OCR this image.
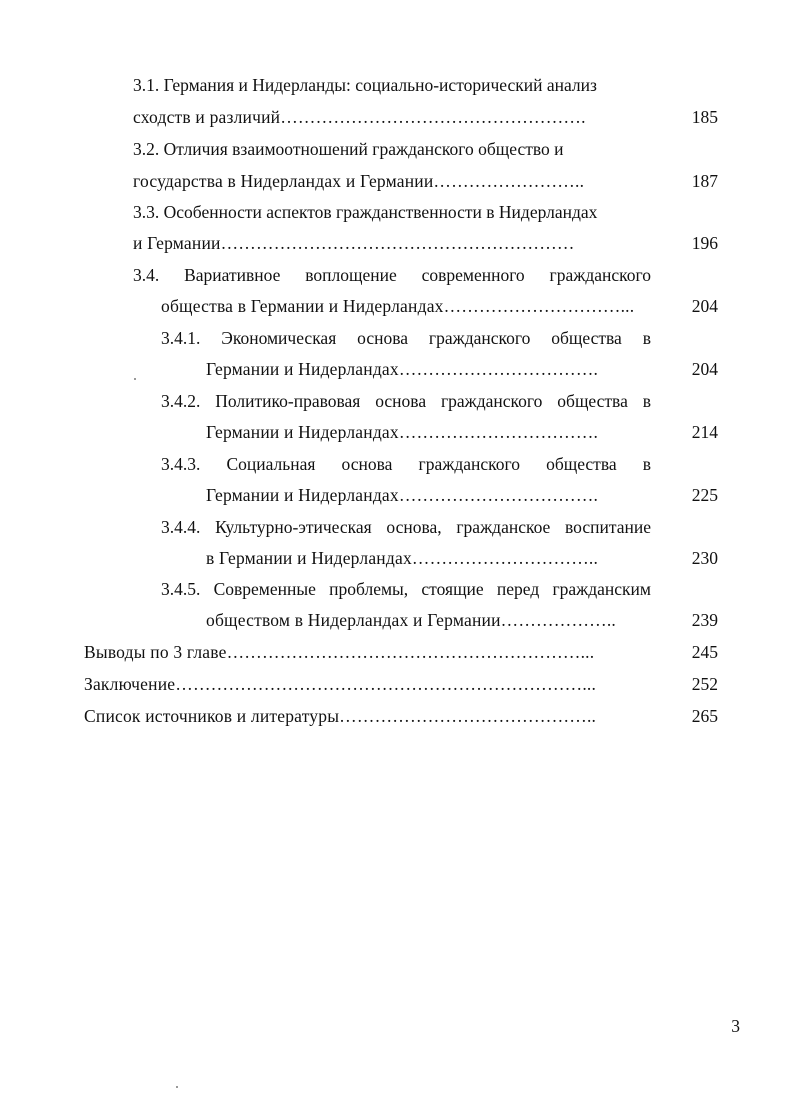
3.1. Германия и Нидерланды: социально-исторический анализ
сходств и различий…………………………………………….	185
3.2. Отличия взаимоотношений гражданского общество и
государства в Нидерландах и Германии……………………..	187
3.3. Особенности аспектов гражданственности в Нидерландах
и Германии……………………………………………………	196
3.4. Вариативное воплощение современного гражданского
общества в Германии и Нидерландах…………………………...	204
3.4.1. Экономическая основа гражданского общества в
Германии и Нидерландах…………………………….	204
3.4.2. Политико-правовая основа гражданского общества в
Германии и Нидерландах…………………………….	214
3.4.3. Социальная основа гражданского общества в
Германии и Нидерландах…………………………….	225
3.4.4. Культурно-этическая основа, гражданское воспитание
в Германии и Нидерландах…………………………..	230
3.4.5. Современные проблемы, стоящие перед гражданским
обществом в Нидерландах и Германии………………..	239
Выводы по 3 главе……………………………………………………...	245
Заключение……………………………………………………………...	252
Список источников и литературы……………………………………..	265
3
